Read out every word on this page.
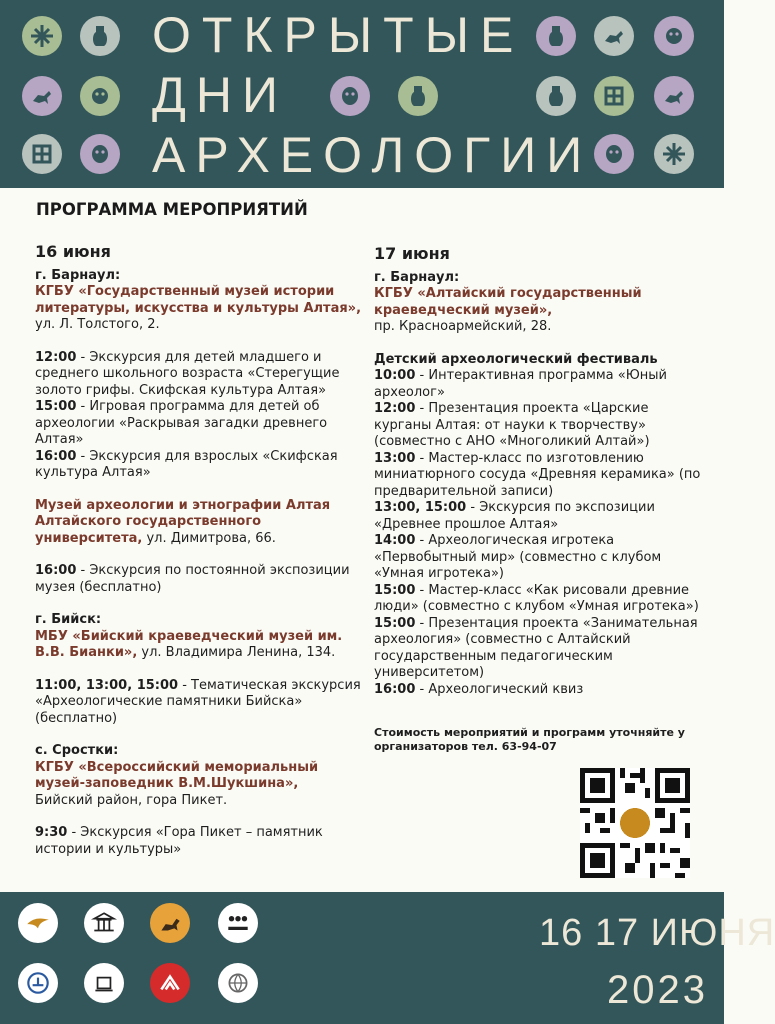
ОТКРЫТЫЕ
ДНИ
АРХЕОЛОГИИ
ПРОГРАММА МЕРОПРИЯТИЙ
16 июня
г. Барнаул:
КГБУ «Государственный музей истории литературы, искусства и культуры Алтая», ул. Л. Толстого, 2.
12:00 - Экскурсия для детей младшего и среднего школьного возраста «Стерегущие золото грифы. Скифская культура Алтая»
15:00 - Игровая программа для детей об археологии «Раскрывая загадки древнего Алтая»
16:00 - Экскурсия для взрослых «Скифская культура Алтая»
Музей археологии и этнографии Алтая Алтайского государственного университета, ул. Димитрова, 66.
16:00 - Экскурсия по постоянной экспозиции музея (бесплатно)
г. Бийск:
МБУ «Бийский краеведческий музей им. В.В. Бианки», ул. Владимира Ленина, 134.
11:00, 13:00, 15:00 - Тематическая экскурсия «Археологические памятники Бийска» (бесплатно)
с. Сростки:
КГБУ «Всероссийский мемориальный музей-заповедник В.М.Шукшина»,
Бийский район, гора Пикет.
9:30 - Экскурсия «Гора Пикет – памятник истории и культуры»
17 июня
г. Барнаул:
КГБУ «Алтайский государственный краеведческий музей»,
пр. Красноармейский, 28.
Детский археологический фестиваль
10:00 - Интерактивная программа «Юный археолог»
12:00 - Презентация проекта «Царские курганы Алтая: от науки к творчеству» (совместно с АНО «Многоликий Алтай»)
13:00 - Мастер-класс по изготовлению миниатюрного сосуда «Древняя керамика» (по предварительной записи)
13:00, 15:00 - Экскурсия по экспозиции «Древнее прошлое Алтая»
14:00 - Археологическая игротека «Первобытный мир» (совместно с клубом «Умная игротека»)
15:00 - Мастер-класс «Как рисовали древние люди» (совместно с клубом «Умная игротека»)
15:00 - Презентация проекта «Занимательная археология» (совместно с Алтайский государственным педагогическим университетом)
16:00 - Археологический квиз
Стоимость мероприятий и программ уточняйте у организаторов тел. 63-94-07
16 17 ИЮНЯ
2023
